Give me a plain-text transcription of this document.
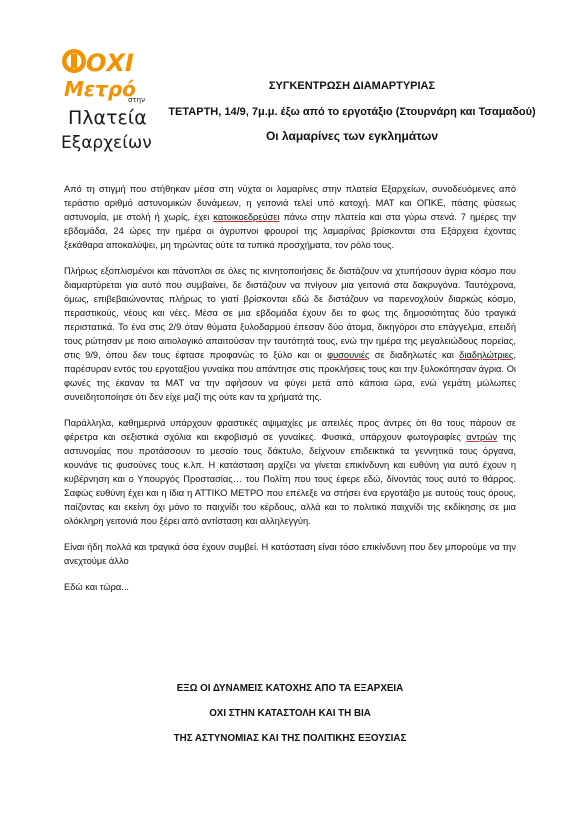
ΟΧΙ
Μετρό
στην
Πλατεία
Εξαρχείων
ΣΥΓΚΕΝΤΡΩΣΗ ΔΙΑΜΑΡΤΥΡΙΑΣ
ΤΕΤΑΡΤΗ, 14/9, 7μ.μ. έξω από το εργοτάξιο (Στουρνάρη και Τσαμαδού)
Οι λαμαρίνες των εγκλημάτων

Από τη στιγμή που στήθηκαν μέσα στη νύχτα οι λαμαρίνες στην πλατεία Εξαρχείων, συνοδευόμενες από τεράστιο αριθμό αστυνομικών δυνάμεων, η γειτονιά τελεί υπό κατοχή. ΜΑΤ και ΟΠΚΕ, πάσης φύσεως αστυνομία, με στολή ή χωρίς, έχει κατοικοεδρεύσει πάνω στην πλατεία και στα γύρω στενά. 7 ημέρες την εβδομάδα, 24 ώρες την ημέρα οι άγρυπνοι φρουροί της λαμαρίνας βρίσκονται στα Εξάρχεια έχοντας ξεκάθαρα αποκαλύψει, μη τηρώντας ούτε τα τυπικά προσχήματα, τον ρόλο τους.

Πλήρως εξοπλισμένοι και πάνοπλοι σε όλες τις κινητοποιήσεις δε διστάζουν να χτυπήσουν άγρια κόσμο που διαμαρτύρεται για αυτό που συμβαίνει, δε διστάζουν να πνίγουν μια γειτονιά στα δακρυγόνα. Ταυτόχρονα, όμως, επιβεβαιώνοντας πλήρως το γιατί βρίσκονται εδώ δε διστάζουν να παρενοχλούν διαρκώς κόσμο, περαστικούς, νέους και νέες. Μέσα σε μια εβδομάδα έχουν δει το φως της δημοσιότητας δύο τραγικά περιστατικά. Το ένα στις 2/9 όταν θύματα ξυλοδαρμού έπεσαν δύο άτομα, δικηγόροι στο επάγγελμα, επειδή τους ρώτησαν με ποιο αιτιολογικό απαιτούσαν την ταυτότητά τους, ενώ την ημέρα της μεγαλειώδους πορείας, στις 9/9, όπου δεν τους έφτασε προφανώς το ξύλο και οι φυσουνιές σε διαδηλωτές και διαδηλώτριες, παρέσυραν εντός του εργοταξίου γυναίκα που απάντησε στις προκλήσεις τους και την ξυλοκόπησαν άγρια. Οι φωνές της έκαναν τα ΜΑΤ να την αφήσουν να φύγει μετά από κάποια ώρα, ενώ γεμάτη μώλωπες συνειδητοποίησε ότι δεν είχε μαζί της ούτε καν τα χρήματά της.

Παράλληλα, καθημερινά υπάρχουν φραστικές αψιμαχίες με απειλές προς άντρες ότι θα τους πάρουν σε φέρετρα και σεξιστικά σχόλια και εκφοβισμό σε γυναίκες. Φυσικά, υπάρχουν φωτογραφίες αντρών της αστυνομίας που προτάσσουν το μεσαίο τους δάκτυλο, δείχνουν επιδεικτικά τα γεννητικά τους όργανα, κουνάνε τις φυσούνες τους κ.λπ. Η κατάσταση αρχίζει να γίνεται επικίνδυνη και ευθύνη για αυτό έχουν η κυβέρνηση και ο Υπουργός Προστασίας… του Πολίτη που τους έφερε εδώ, δίνοντάς τους αυτό το θάρρος. Σαφώς ευθύνη έχει και η ίδια η ΑΤΤΙΚΟ ΜΕΤΡΟ που επέλεξε να στήσει ένα εργοτάξιο με αυτούς τους όρους, παίζοντας και εκείνη όχι μόνο το παιχνίδι του κέρδους, αλλά και το πολιτικό παιχνίδι της εκδίκησης σε μια ολόκληρη γειτονιά που ξέρει από αντίσταση και αλληλεγγύη.

Είναι ήδη πολλά και τραγικά όσα έχουν συμβεί. Η κατάσταση είναι τόσο επικίνδυνη που δεν μπορούμε να την ανεχτούμε άλλο

Εδώ και τώρα...

ΕΞΩ ΟΙ ΔΥΝΑΜΕΙΣ ΚΑΤΟΧΗΣ ΑΠΟ ΤΑ ΕΞΑΡΧΕΙΑ
ΟΧΙ ΣΤΗΝ ΚΑΤΑΣΤΟΛΗ ΚΑΙ ΤΗ ΒΙΑ
ΤΗΣ ΑΣΤΥΝΟΜΙΑΣ ΚΑΙ ΤΗΣ ΠΟΛΙΤΙΚΗΣ ΕΞΟΥΣΙΑΣ
